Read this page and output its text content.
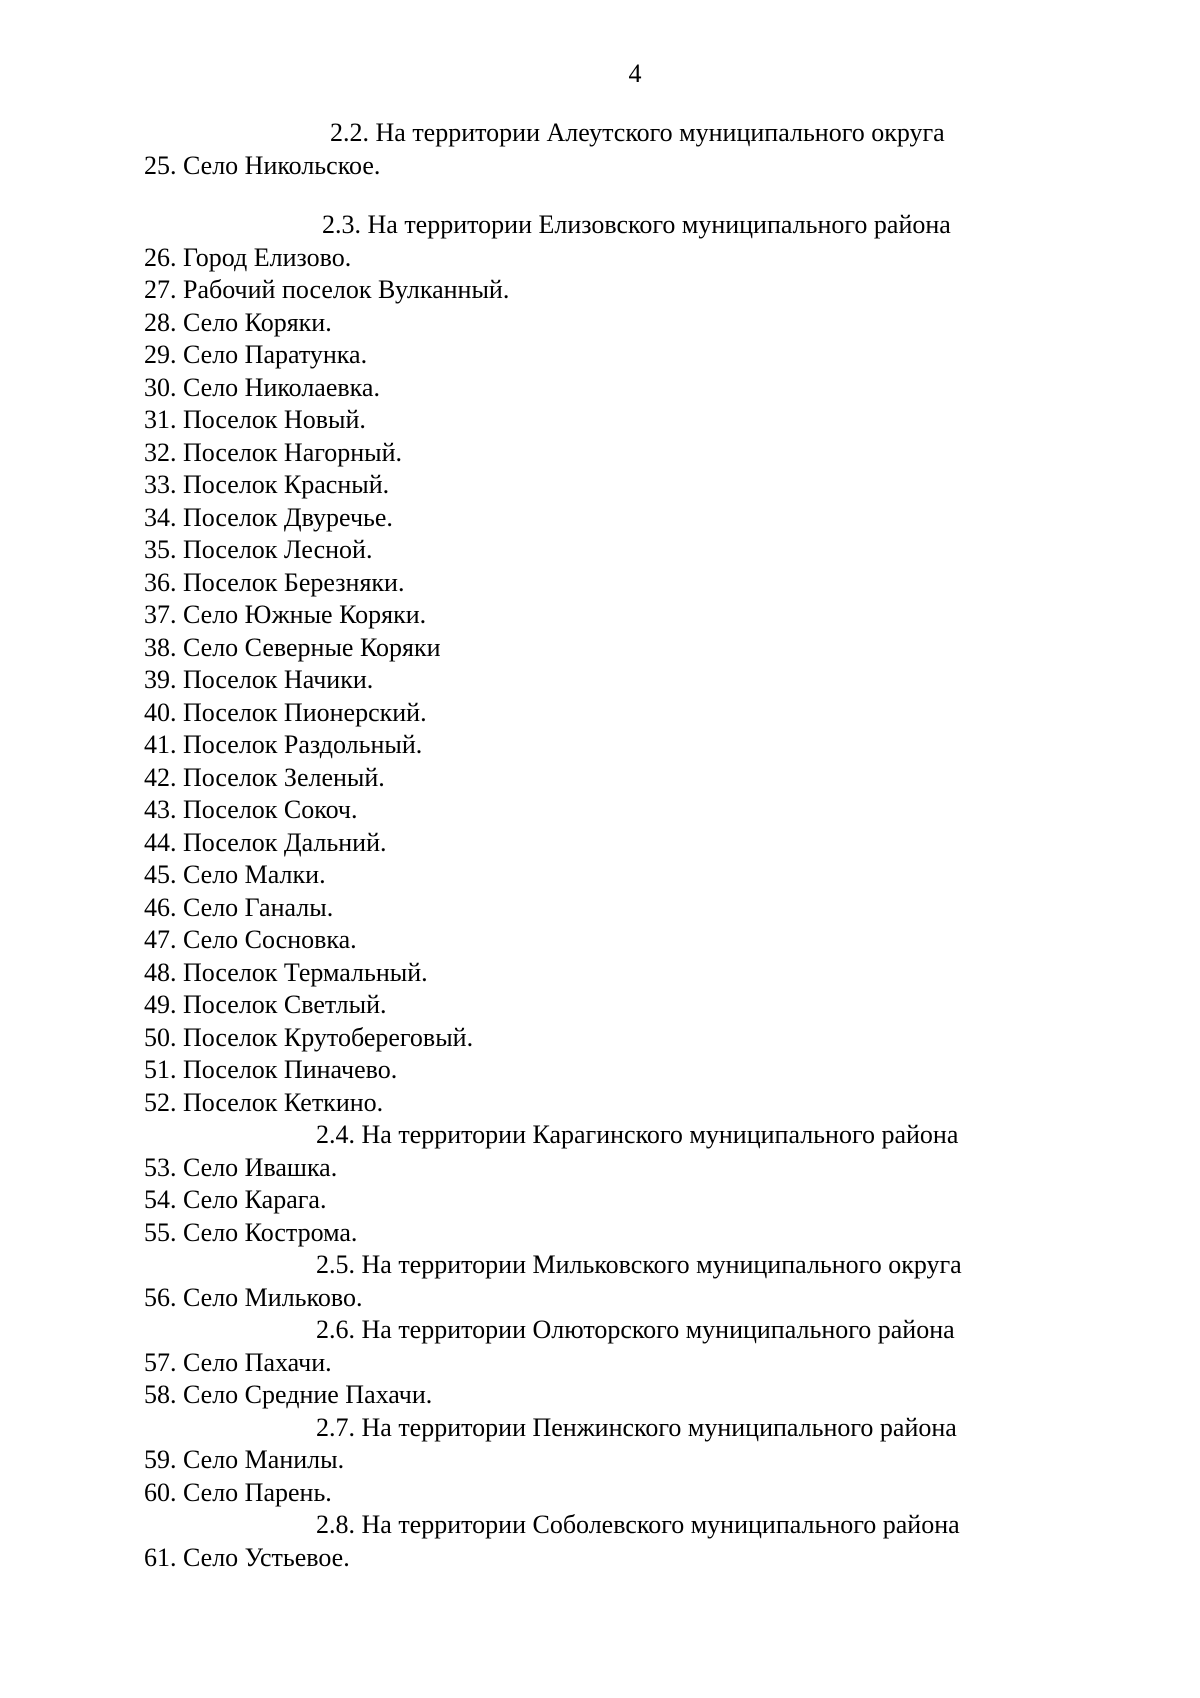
4
2.2. На территории Алеутского муниципального округа
25. Село Никольское.
2.3. На территории Елизовского муниципального района
26. Город Елизово.
27. Рабочий поселок Вулканный.
28. Село Коряки.
29. Село Паратунка.
30. Село Николаевка.
31. Поселок Новый.
32. Поселок Нагорный.
33. Поселок Красный.
34. Поселок Двуречье.
35. Поселок Лесной.
36. Поселок Березняки.
37. Село Южные Коряки.
38. Село Северные Коряки
39. Поселок Начики.
40. Поселок Пионерский.
41. Поселок Раздольный.
42. Поселок Зеленый.
43. Поселок Сокоч.
44. Поселок Дальний.
45. Село Малки.
46. Село Ганалы.
47. Село Сосновка.
48. Поселок Термальный.
49. Поселок Светлый.
50. Поселок Крутобереговый.
51. Поселок Пиначево.
52. Поселок Кеткино.
2.4. На территории Карагинского муниципального района
53. Село Ивашка.
54. Село Карага.
55. Село Кострома.
2.5. На территории Мильковского муниципального округа
56. Село Мильково.
2.6. На территории Олюторского муниципального района
57. Село Пахачи.
58. Село Средние Пахачи.
2.7. На территории Пенжинского муниципального района
59. Село Манилы.
60. Село Парень.
2.8. На территории Соболевского муниципального района
61. Село Устьевое.
